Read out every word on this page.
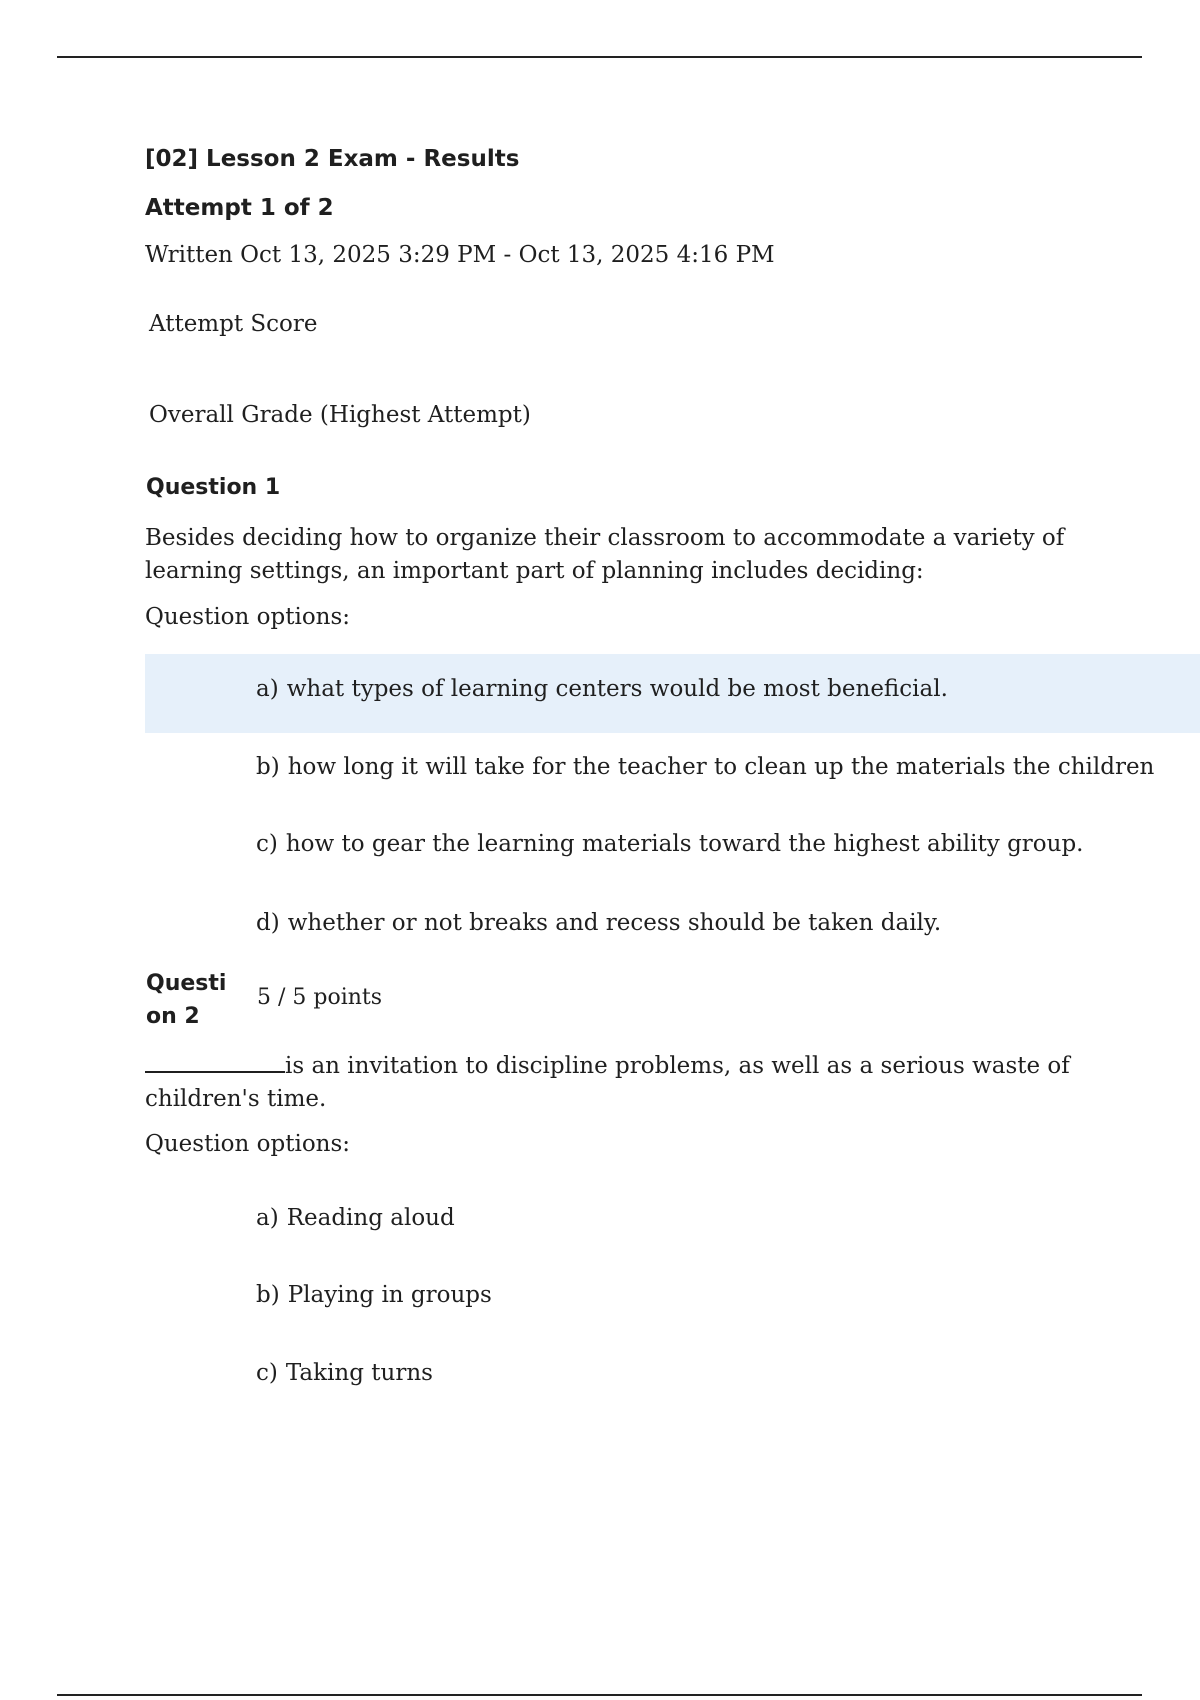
[02] Lesson 2 Exam - Results
Attempt 1 of 2
Written Oct 13, 2025 3:29 PM - Oct 13, 2025 4:16 PM
Attempt Score
Overall Grade (Highest Attempt)
Question 1
Besides deciding how to organize their classroom to accommodate a variety of learning settings, an important part of planning includes deciding:
Question options:
a) what types of learning centers would be most beneficial.
b) how long it will take for the teacher to clean up the materials the children
c) how to gear the learning materials toward the highest ability group.
d) whether or not breaks and recess should be taken daily.
Questi on 2
5 / 5 points
is an invitation to discipline problems, as well as a serious waste of children's time.
Question options:
a) Reading aloud
b) Playing in groups
c) Taking turns
